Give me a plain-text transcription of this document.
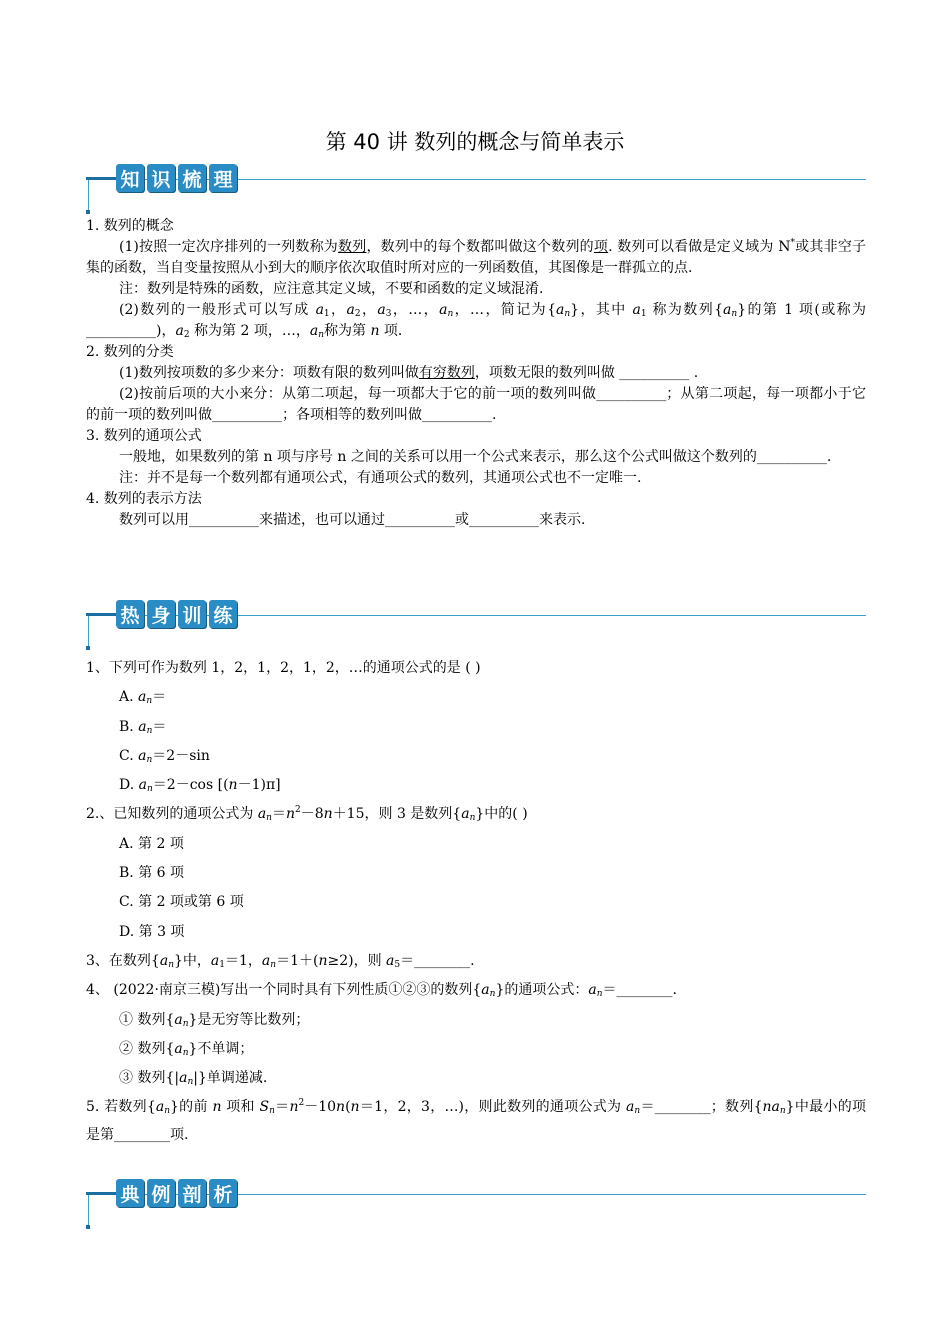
第 40 讲 数列的概念与简单表示
知 识 梳 理
1. 数列的概念
(1)按照一定次序排列的一列数称为数列，数列中的每个数都叫做这个数列的项. 数列可以看做是定义域为 N*或其非空子集的函数，当自变量按照从小到大的顺序依次取值时所对应的一列函数值，其图像是一群孤立的点.
注：数列是特殊的函数，应注意其定义域，不要和函数的定义域混淆.
(2)数列的一般形式可以写成 $a_1$，$a_2$，$a_3$，…，$a_n$，…，简记为$\{a_n\}$，其中 $a_1$ 称为数列$\{a_n\}$的第 1 项(或称为__________)，$a_2$ 称为第 2 项，…，$a_n$称为第 n 项.
2. 数列的分类
(1)数列按项数的多少来分：项数有限的数列叫做有穷数列，项数无限的数列叫做 __________ .
(2)按前后项的大小来分：从第二项起，每一项都大于它的前一项的数列叫做__________；从第二项起，每一项都小于它的前一项的数列叫做__________；各项相等的数列叫做__________.
3. 数列的通项公式
一般地，如果数列的第 n 项与序号 n 之间的关系可以用一个公式来表示，那么这个公式叫做这个数列的__________.
注：并不是每一个数列都有通项公式，有通项公式的数列，其通项公式也不一定唯一.
4. 数列的表示方法
数列可以用__________来描述，也可以通过__________或__________来表示.
热 身 训 练
1、下列可作为数列 1，2，1，2，1，2，…的通项公式的是 ( )
A. $a_n=$
B. $a_n=$
C. $a_n=2-\sin$
D. $a_n=2-\cos$ [(n－1)π]
2.、已知数列的通项公式为 $a_n=n^2-8n+15$，则 3 是数列$\{a_n\}$中的( )
A. 第 2 项
B. 第 6 项
C. 第 2 项或第 6 项
D. 第 3 项
3、在数列$\{a_n\}$中，$a_1=1$，$a_n=1+(n\ge 2)$，则 $a_5=\_\_\_\_\_\_\_\_$.
4、 (2022·南京三模)写出一个同时具有下列性质①②③的数列$\{a_n\}$的通项公式：$a_n=\_\_\_\_\_\_\_\_$.
① 数列$\{a_n\}$是无穷等比数列；
② 数列$\{a_n\}$不单调；
③ 数列$\{|a_n|\}$单调递减.
5. 若数列$\{a_n\}$的前 n 项和 $S_n=n^2-10n(n=1$，2，3，…)，则此数列的通项公式为 $a_n=\_\_\_\_\_\_\_\_$；数列$\{na_n\}$中最小的项是第________项.
典 例 剖 析
